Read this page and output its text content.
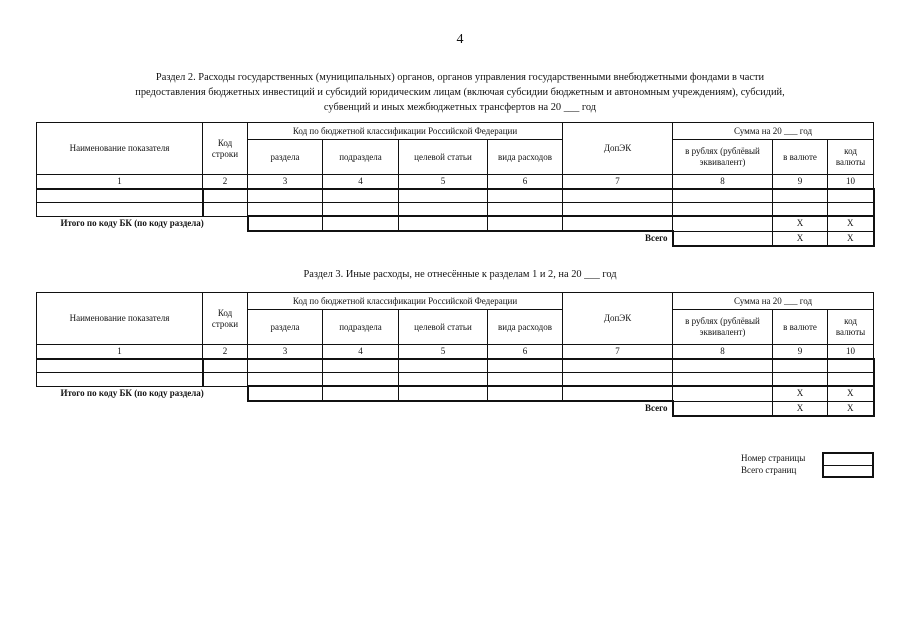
4
Раздел 2. Расходы государственных (муниципальных) органов, органов управления государственными внебюджетными фондами в части
предоставления бюджетных инвестиций и субсидий юридическим лицам (включая субсидии бюджетным и автономным учреждениям), субсидий,
субвенций и иных межбюджетных трансфертов на 20 ___ год
Наименование показателя	Код строки	Код по бюджетной классификации Российской Федерации				ДопЭК	Сумма на 20 ___ год		
		раздела	подраздела	целевой статьи	вида расходов		в рублях (рублёвый эквивалент)	в валюте	код валюты
1	2	3	4	5	6	7	8	9	10

Итого по коду БК (по коду раздела)								X	X
Всего								X	X
Раздел 3. Иные расходы, не отнесённые к разделам 1 и 2, на 20 ___ год
Наименование показателя	Код строки	Код по бюджетной классификации Российской Федерации				ДопЭК	Сумма на 20 ___ год		
		раздела	подраздела	целевой статьи	вида расходов		в рублях (рублёвый эквивалент)	в валюте	код валюты
1	2	3	4	5	6	7	8	9	10

Итого по коду БК (по коду раздела)								X	X
Всего								X	X
Номер страницы
Всего страниц
